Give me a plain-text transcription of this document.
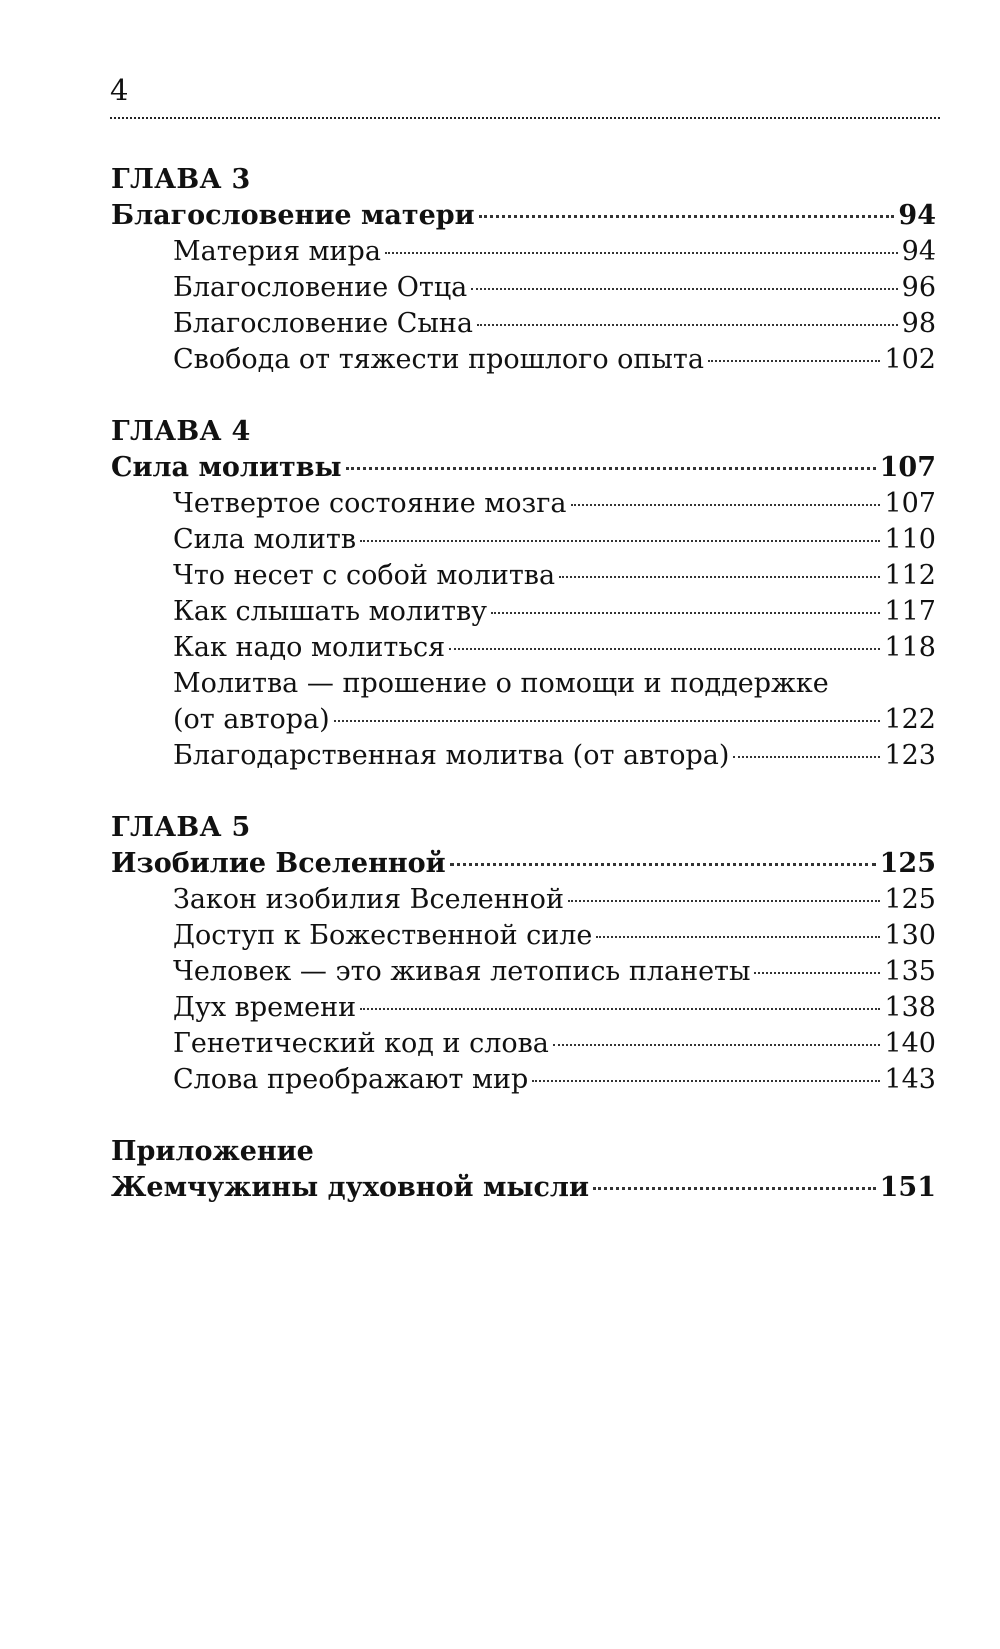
4
ГЛАВА 3
Благословение матери	94
Материя мира	94
Благословение Отца	96
Благословение Сына	98
Свобода от тяжести прошлого опыта	102
ГЛАВА 4
Сила молитвы	107
Четвертое состояние мозга	107
Сила молитв	110
Что несет с собой молитва	112
Как слышать молитву	117
Как надо молиться	118
Молитва — прошение о помощи и поддержке
(от автора)	122
Благодарственная молитва (от автора)	123
ГЛАВА 5
Изобилие Вселенной	125
Закон изобилия Вселенной	125
Доступ к Божественной силе	130
Человек — это живая летопись планеты	135
Дух времени	138
Генетический код и слова	140
Слова преображают мир	143
Приложение
Жемчужины духовной мысли	151
